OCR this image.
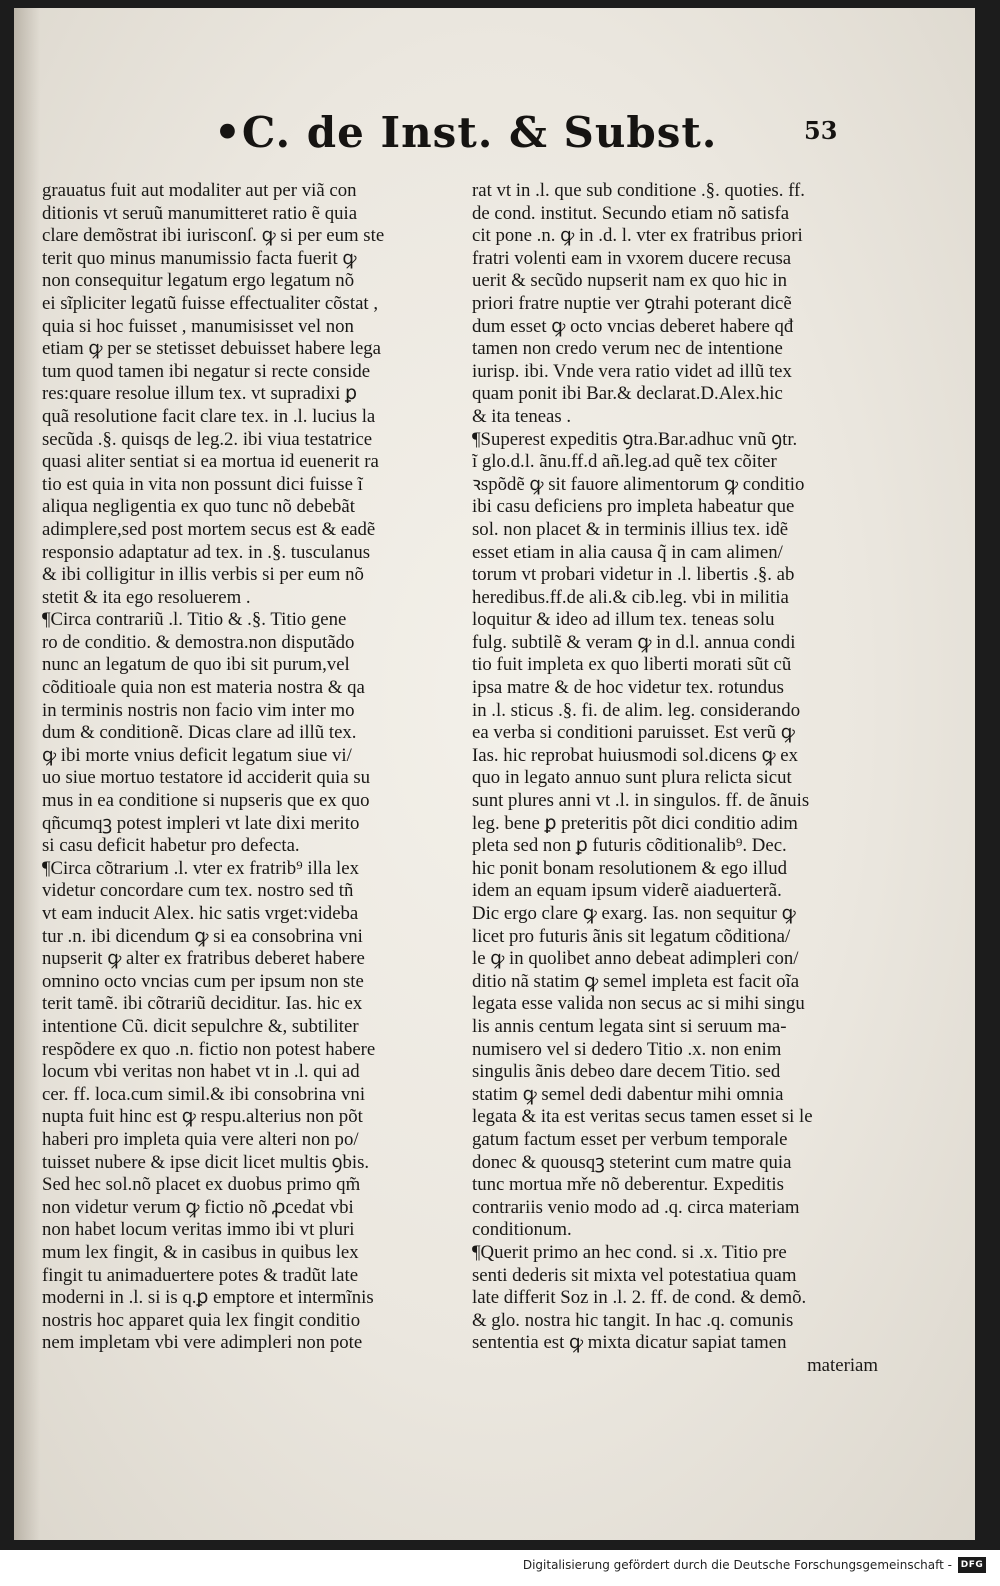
•C. de Inst. & Subst.	53
grauatus fuit aut modaliter aut per viã con
ditionis vt seruũ manumitteret ratio ẽ quia
clare demõstrat ibi iurisconſ. ꝙ si per eum ste
terit quo minus manumissio facta fuerit ꝙ
non consequitur legatum ergo legatum nõ
ei sĩpliciter legatũ fuisse effectualiter cõstat ,
quia si hoc fuisset , manumisisset vel non
etiam ꝙ per se stetisset debuisset habere lega
tum quod tamen ibi negatur si recte conside
res:quare resolue illum tex. vt supradixi ꝑ
quã resolutione facit clare tex. in .l. lucius la
secũda .§. quisqs de leg.2. ibi viua testatrice
quasi aliter sentiat si ea mortua id euenerit ra
tio est quia in vita non possunt dici fuisse ĩ
aliqua negligentia ex quo tunc nõ debebãt
adimplere,sed post mortem secus est & eadẽ
responsio adaptatur ad tex. in .§. tusculanus
& ibi colligitur in illis verbis si per eum nõ
stetit & ita ego resoluerem .
¶Circa contrariũ .l. Titio & .§. Titio gene
ro de conditio. & demostra.non disputãdo
nunc an legatum de quo ibi sit purum,vel
cõditioale quia non est materia nostra & qa
in terminis nostris non facio vim inter mo
dum & conditionẽ. Dicas clare ad illũ tex.
ꝙ ibi morte vnius deficit legatum siue vi/
uo siue mortuo testatore id acciderit quia su
mus in ea conditione si nupseris que ex quo
qñcumqꝫ potest impleri vt late dixi merito
si casu deficit habetur pro defecta.
¶Circa cõtrarium .l. vter ex fratrib⁹ illa lex
videtur concordare cum tex. nostro sed tñ
vt eam inducit Alex. hic satis vrget:videba
tur .n. ibi dicendum ꝙ si ea consobrina vni
nupserit ꝙ alter ex fratribus deberet habere
omnino octo vncias cum per ipsum non ste
terit tamẽ. ibi cõtrariũ deciditur. Ias. hic ex
intentione Cũ. dicit sepulchre &, subtiliter
respõdere ex quo .n. fictio non potest habere
locum vbi veritas non habet vt in .l. qui ad
cer. ff. loca.cum simil.& ibi consobrina vni
nupta fuit hinc est ꝙ respu.alterius non põt
haberi pro impleta quia vere alteri non po/
tuisset nubere & ipse dicit licet multis ꝯbis.
Sed hec sol.nõ placet ex duobus primo qm̃
non videtur verum ꝙ fictio nõ ꝓcedat vbi
non habet locum veritas immo ibi vt pluri
mum lex fingit, & in casibus in quibus lex
fingit tu animaduertere potes & tradũt late
moderni in .l. si is q.ꝑ emptore et intermĩnis
nostris hoc apparet quia lex fingit conditio
nem impletam vbi vere adimpleri non pote
rat vt in .l. que sub conditione .§. quoties. ff.
de cond. institut. Secundo etiam nõ satisfa
cit pone .n. ꝙ in .d. l. vter ex fratribus priori
fratri volenti eam in vxorem ducere recusa
uerit & secũdo nupserit nam ex quo hic in
priori fratre nuptie ver ꝯtrahi poterant dicẽ
dum esset ꝙ octo vncias deberet habere qđ
tamen non credo verum nec de intentione
iurisp. ibi. Vnde vera ratio videt ad illũ tex
quam ponit ibi Bar.& declarat.D.Alex.hic
& ita teneas .
¶Superest expeditis ꝯtra.Bar.adhuc vnũ ꝯtr.
ĩ glo.d.l. ãnu.ff.d añ.leg.ad quẽ tex cõiter
ꝛspõdẽ ꝙ sit fauore alimentorum ꝙ conditio
ibi casu deficiens pro impleta habeatur que
sol. non placet & in terminis illius tex. idẽ
esset etiam in alia causa q̃ in cam alimen/
torum vt probari videtur in .l. libertis .§. ab
heredibus.ff.de ali.& cib.leg. vbi in militia
loquitur & ideo ad illum tex. teneas solu
fulg. subtilẽ & veram ꝙ in d.l. annua condi
tio fuit impleta ex quo liberti morati sũt cũ
ipsa matre & de hoc videtur tex. rotundus
in .l. sticus .§. fi. de alim. leg. considerando
ea verba si conditioni paruisset. Est verũ ꝙ
Ias. hic reprobat huiusmodi sol.dicens ꝙ ex
quo in legato annuo sunt plura relicta sicut
sunt plures anni vt .l. in singulos. ff. de ãnuis
leg. bene ꝑ preteritis põt dici conditio adim
pleta sed non ꝑ futuris cõditionalib⁹. Dec.
hic ponit bonam resolutionem & ego illud
idem an equam ipsum viderẽ aiaduerterã.
Dic ergo clare ꝙ exarg. Ias. non sequitur ꝙ
licet pro futuris ãnis sit legatum cõditiona/
le ꝙ in quolibet anno debeat adimpleri con/
ditio nã statim ꝙ semel impleta est facit oĩa
legata esse valida non secus ac si mihi singu
lis annis centum legata sint si seruum ma-
numisero vel si dedero Titio .x. non enim
singulis ãnis debeo dare decem Titio. sed
statim ꝙ semel dedi dabentur mihi omnia
legata & ita est veritas secus tamen esset si le
gatum factum esset per verbum temporale
donec & quousqꝫ steterint cum matre quia
tunc mortua mře nõ deberentur. Expeditis
contrariis venio modo ad .q. circa materiam
conditionum.
¶Querit primo an hec cond. si .x. Titio pre
senti dederis sit mixta vel potestatiua quam
late differit Soz in .l. 2. ff. de cond. & demõ.
& glo. nostra hic tangit. In hac .q. comunis
sententia est ꝙ mixta dicatur sapiat tamen
materiam
Digitalisierung gefördert durch die Deutsche Forschungsgemeinschaft - DFG
